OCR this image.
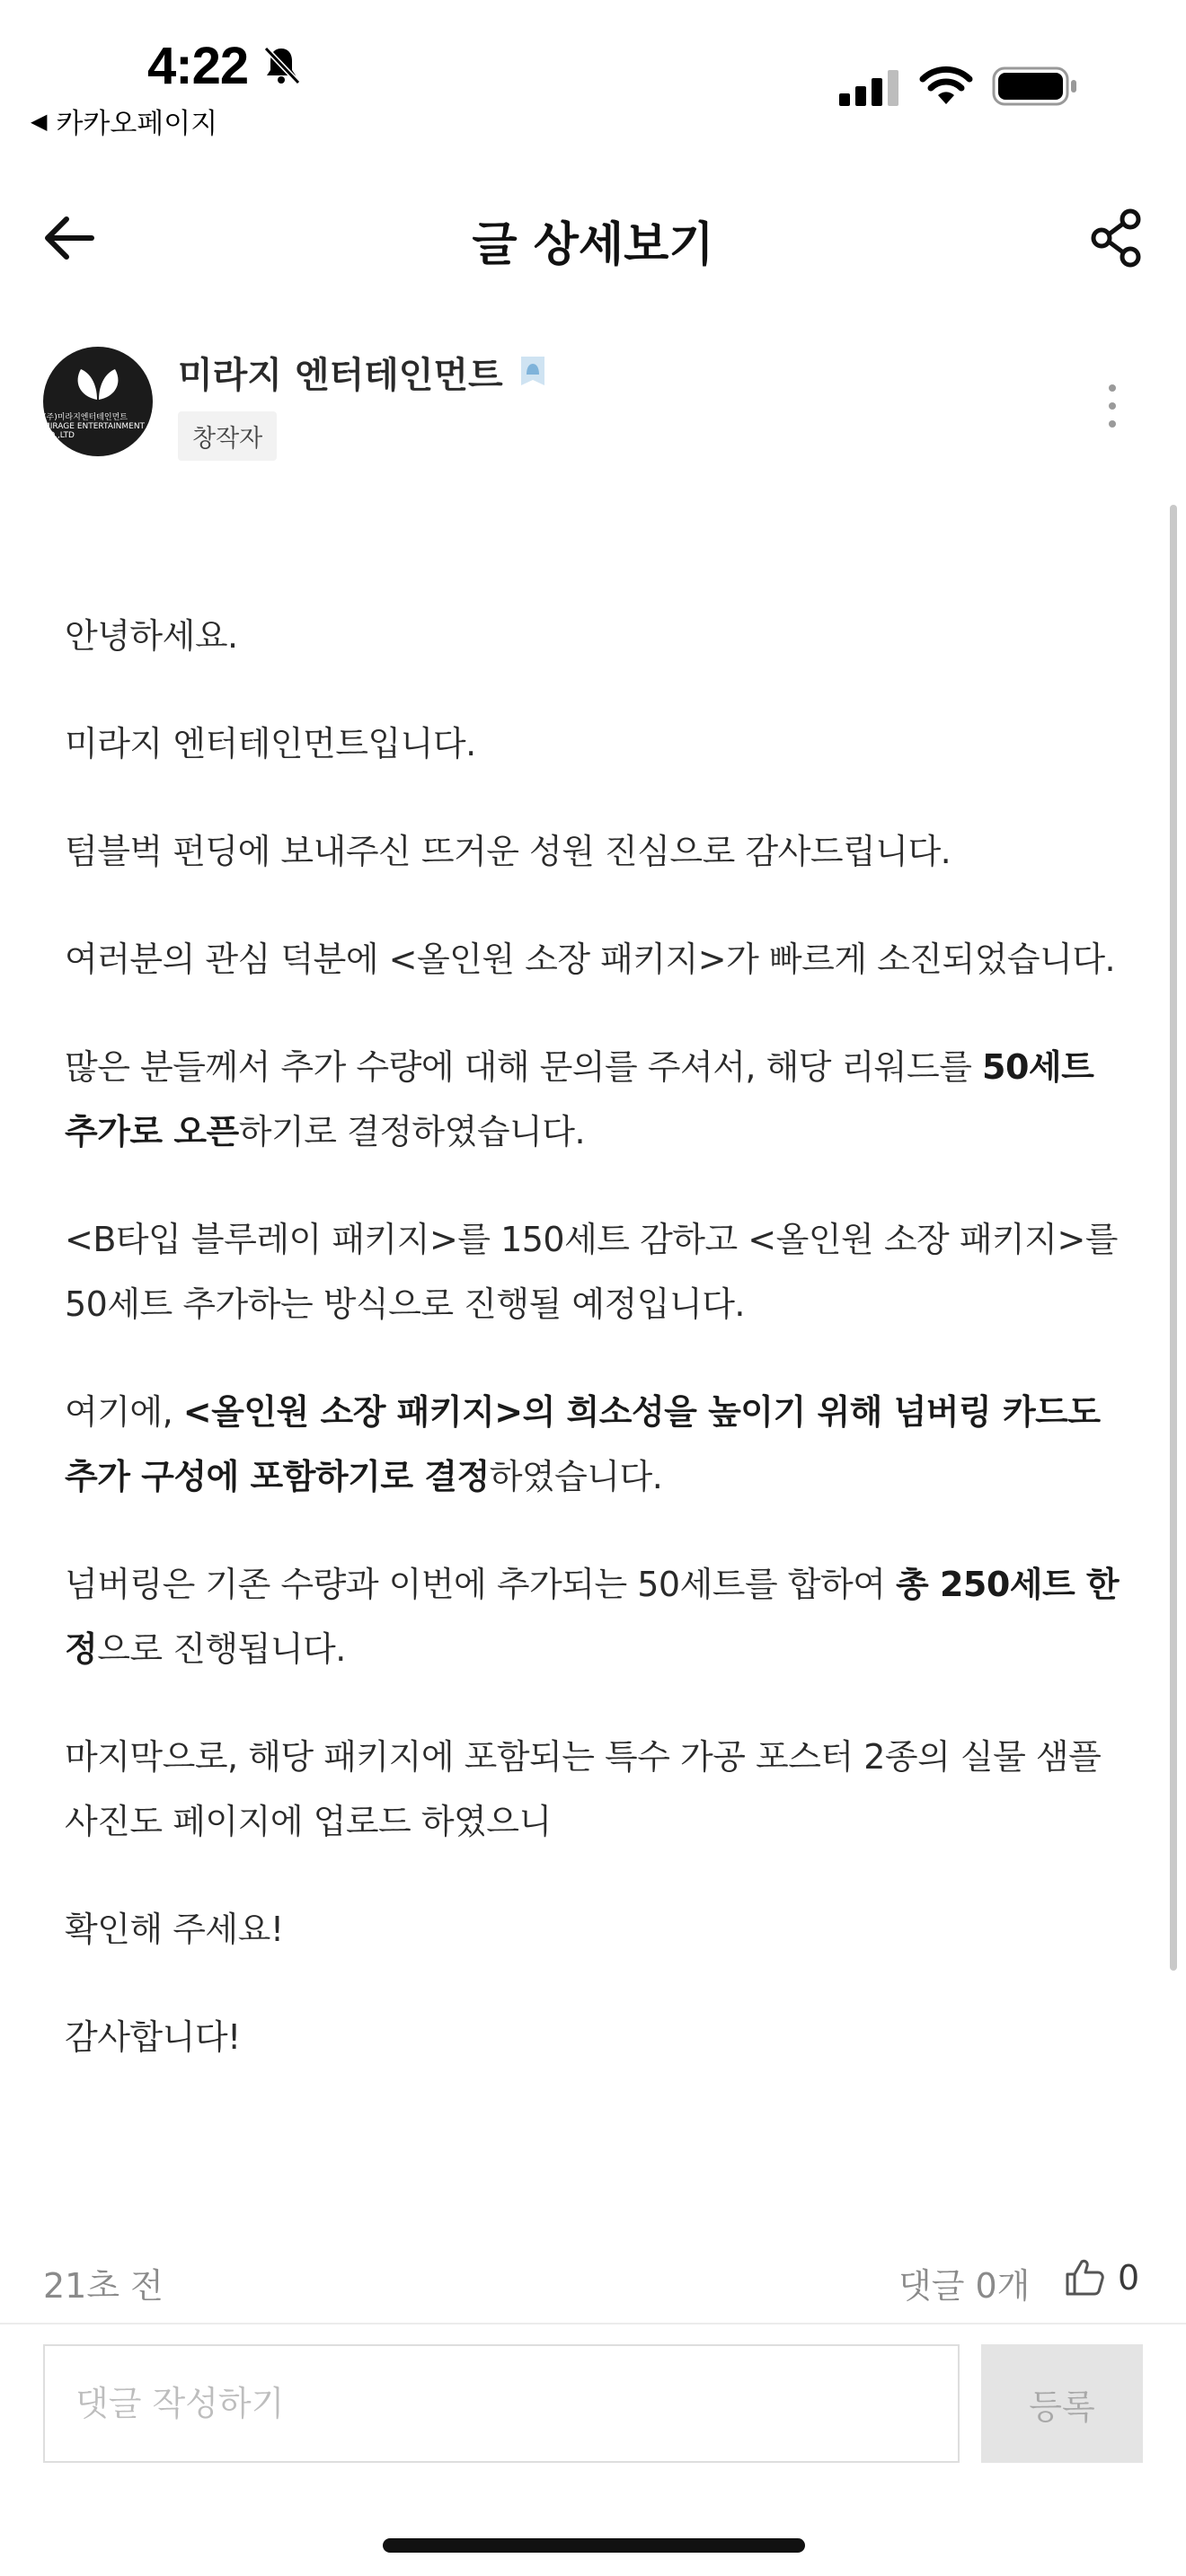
4:22
◀ 카카오페이지
글 상세보기
(주)미라지엔터테인먼트 MIRAGE ENTERTAINMENT CO.,LTD
미라지 엔터테인먼트
창작자

안녕하세요.

미라지 엔터테인먼트입니다.

텀블벅 펀딩에 보내주신 뜨거운 성원 진심으로 감사드립니다.

여러분의 관심 덕분에 <올인원 소장 패키지>가 빠르게 소진되었습니다.

많은 분들께서 추가 수량에 대해 문의를 주셔서, 해당 리워드를 50세트 추가로 오픈하기로 결정하였습니다.

<B타입 블루레이 패키지>를 150세트 감하고 <올인원 소장 패키지>를 50세트 추가하는 방식으로 진행될 예정입니다.

여기에, <올인원 소장 패키지>의 희소성을 높이기 위해 넘버링 카드도 추가 구성에 포함하기로 결정하였습니다.

넘버링은 기존 수량과 이번에 추가되는 50세트를 합하여 총 250세트 한정으로 진행됩니다.

마지막으로, 해당 패키지에 포함되는 특수 가공 포스터 2종의 실물 샘플 사진도 페이지에 업로드 하였으니

확인해 주세요!

감사합니다!

21초 전	댓글 0개	0
댓글 작성하기
등록
